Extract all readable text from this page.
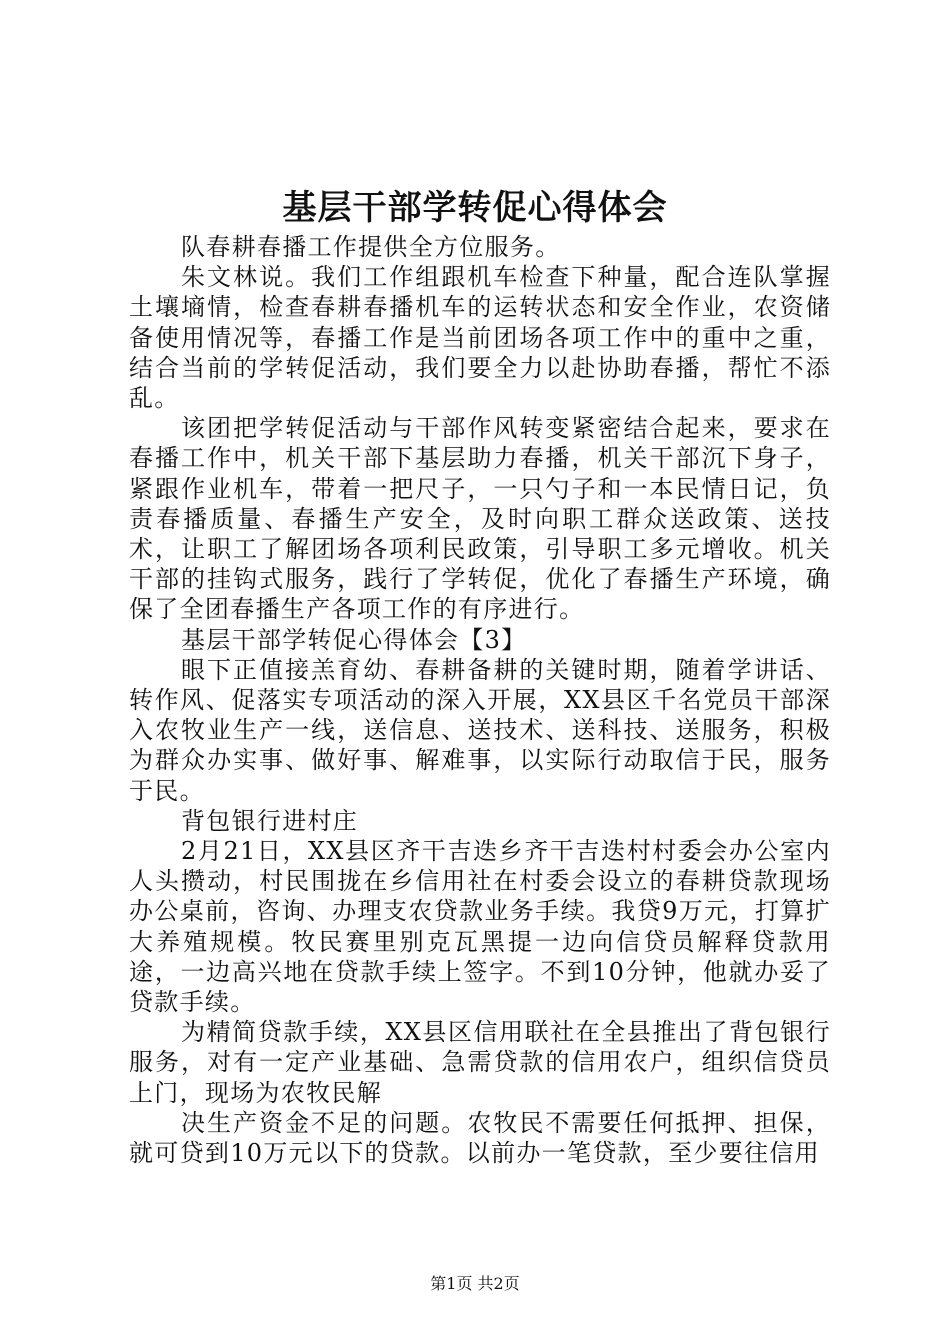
基层干部学转促心得体会

队春耕春播工作提供全方位服务。

朱文林说。我们工作组跟机车检查下种量，配合连队掌握土壤墒情，检查春耕春播机车的运转状态和安全作业，农资储备使用情况等，春播工作是当前团场各项工作中的重中之重，结合当前的学转促活动，我们要全力以赴协助春播，帮忙不添乱。

该团把学转促活动与干部作风转变紧密结合起来，要求在春播工作中，机关干部下基层助力春播，机关干部沉下身子，紧跟作业机车，带着一把尺子，一只勺子和一本民情日记，负责春播质量、春播生产安全，及时向职工群众送政策、送技术，让职工了解团场各项利民政策，引导职工多元增收。机关干部的挂钩式服务，践行了学转促，优化了春播生产环境，确保了全团春播生产各项工作的有序进行。

基层干部学转促心得体会【3】

眼下正值接羔育幼、春耕备耕的关键时期，随着学讲话、转作风、促落实专项活动的深入开展，XX县区千名党员干部深入农牧业生产一线，送信息、送技术、送科技、送服务，积极为群众办实事、做好事、解难事，以实际行动取信于民，服务于民。

背包银行进村庄

2月21日，XX县区齐干吉迭乡齐干吉迭村村委会办公室内人头攒动，村民围拢在乡信用社在村委会设立的春耕贷款现场办公桌前，咨询、办理支农贷款业务手续。我贷9万元，打算扩大养殖规模。牧民赛里别克瓦黑提一边向信贷员解释贷款用途，一边高兴地在贷款手续上签字。不到10分钟，他就办妥了贷款手续。

为精简贷款手续，XX县区信用联社在全县推出了背包银行服务，对有一定产业基础、急需贷款的信用农户，组织信贷员上门，现场为农牧民解

决生产资金不足的问题。农牧民不需要任何抵押、担保，就可贷到10万元以下的贷款。以前办一笔贷款，至少要往信用

第1页 共2页
